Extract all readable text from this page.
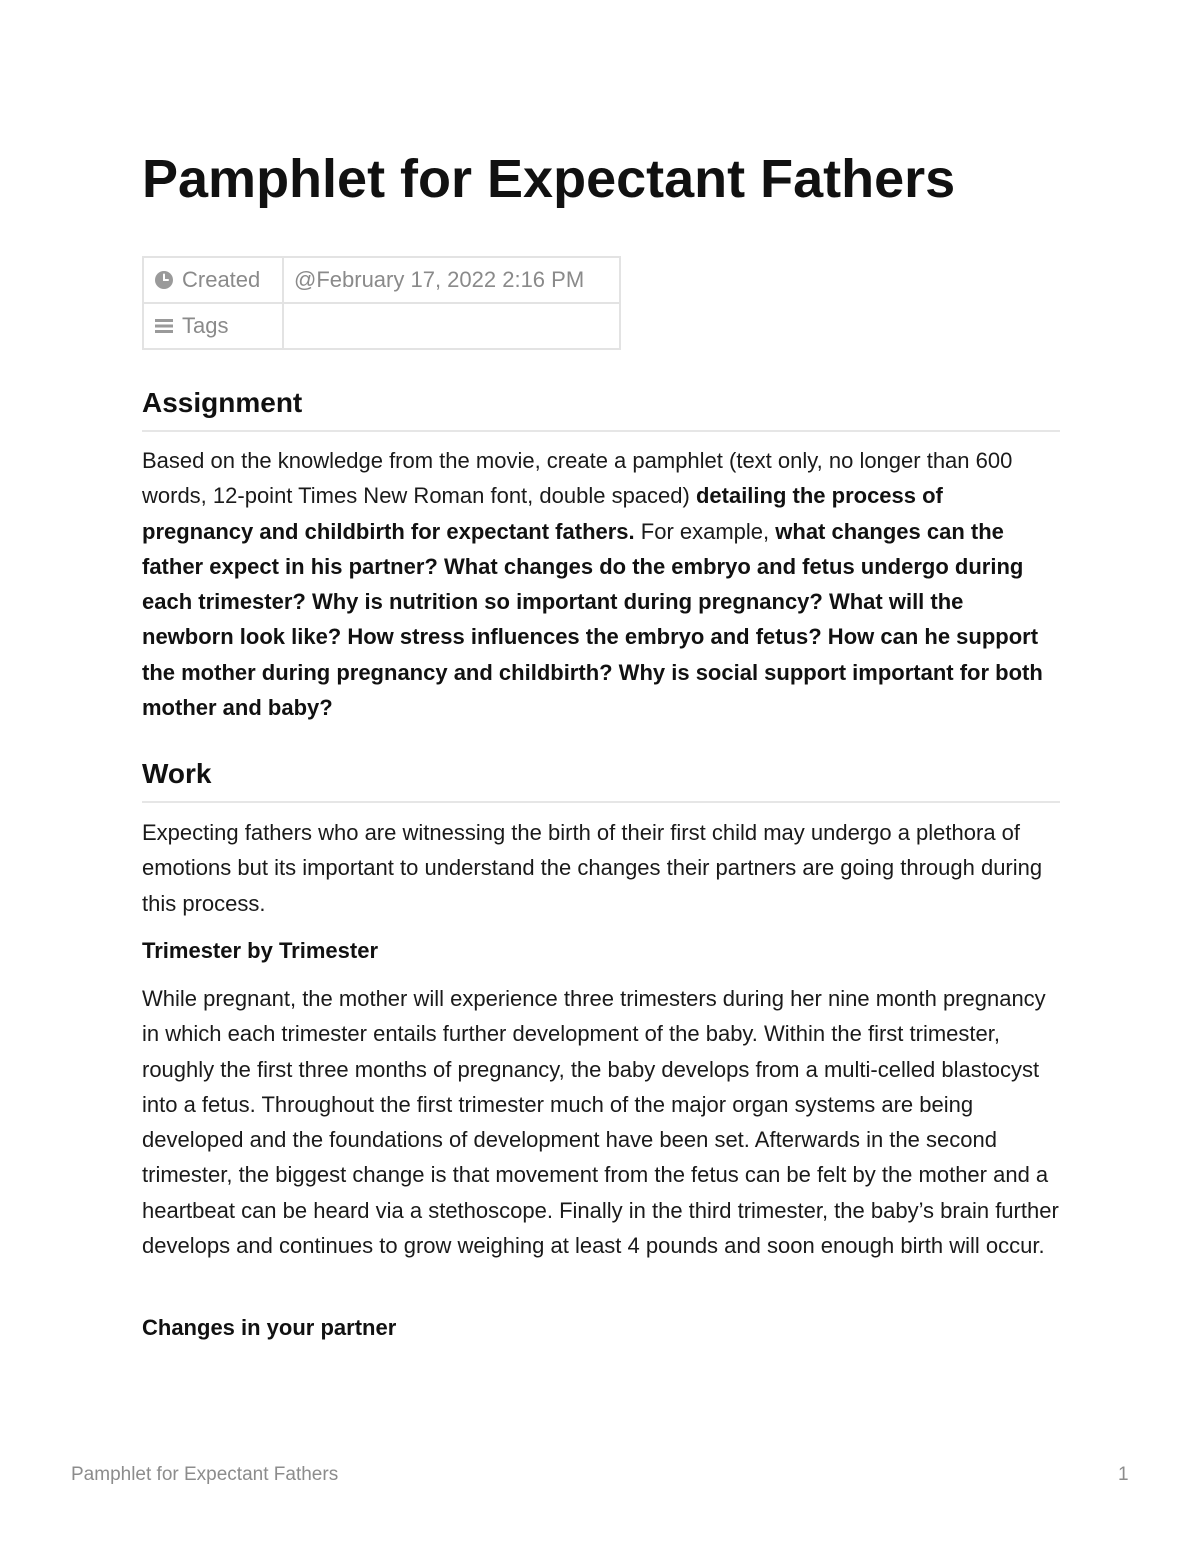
Pamphlet for Expectant Fathers
Created	@February 17, 2022 2:16 PM

Tags	

Assignment

Based on the knowledge from the movie, create a pamphlet (text only, no longer than 600 words, 12-point Times New Roman font, double spaced) detailing the process of pregnancy and childbirth for expectant fathers. For example, what changes can the father expect in his partner? What changes do the embryo and fetus undergo during each trimester? Why is nutrition so important during pregnancy? What will the newborn look like? How stress influences the embryo and fetus? How can he support the mother during pregnancy and childbirth? Why is social support important for both mother and baby?

Work

Expecting fathers who are witnessing the birth of their first child may undergo a plethora of emotions but its important to understand the changes their partners are going through during this process.

Trimester by Trimester

While pregnant, the mother will experience three trimesters during her nine month pregnancy in which each trimester entails further development of the baby. Within the first trimester, roughly the first three months of pregnancy, the baby develops from a multi-celled blastocyst into a fetus. Throughout the first trimester much of the major organ systems are being developed and the foundations of development have been set. Afterwards in the second trimester, the biggest change is that movement from the fetus can be felt by the mother and a heartbeat can be heard via a stethoscope. Finally in the third trimester, the baby’s brain further develops and continues to grow weighing at least 4 pounds and soon enough birth will occur.

Changes in your partner
Pamphlet for Expectant Fathers	1
